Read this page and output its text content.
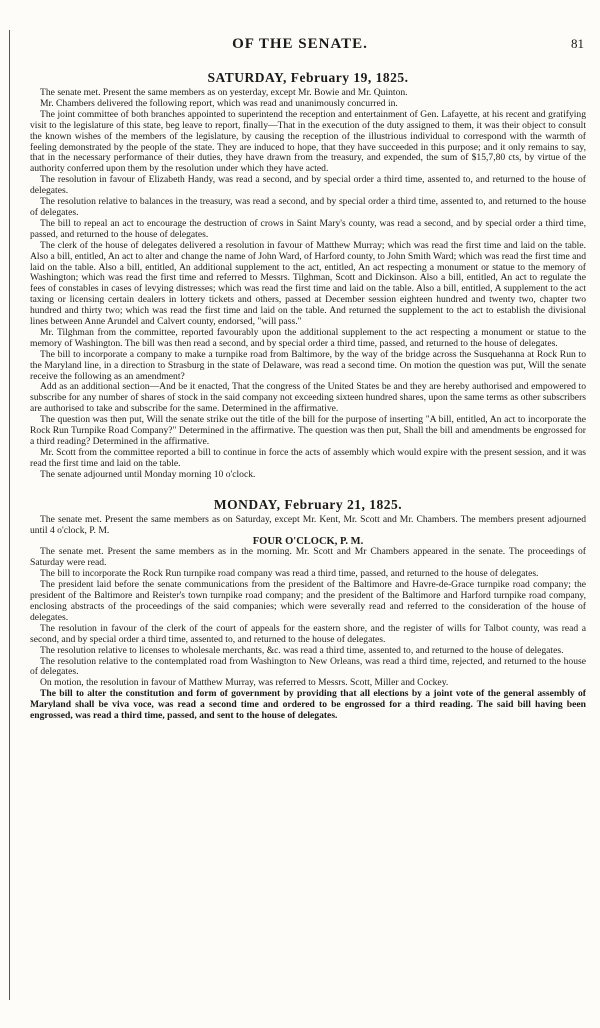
OF THE SENATE.	81
SATURDAY, February 19, 1825.

The senate met. Present the same members as on yesterday, except Mr. Bowie and Mr. Quinton.

Mr. Chambers delivered the following report, which was read and unanimously concurred in.

The joint committee of both branches appointed to superintend the reception and entertainment of Gen. Lafayette, at his recent and gratifying visit to the legislature of this state, beg leave to report, finally—That in the execution of the duty assigned to them, it was their object to consult the known wishes of the members of the legislature, by causing the reception of the illustrious individual to correspond with the warmth of feeling demonstrated by the people of the state. They are induced to hope, that they have succeeded in this purpose; and it only remains to say, that in the necessary performance of their duties, they have drawn from the treasury, and expended, the sum of $15,7,80 cts, by virtue of the authority conferred upon them by the resolution under which they have acted.

The resolution in favour of Elizabeth Handy, was read a second, and by special order a third time, assented to, and returned to the house of delegates.

The resolution relative to balances in the treasury, was read a second, and by special order a third time, assented to, and returned to the house of delegates.

The bill to repeal an act to encourage the destruction of crows in Saint Mary's county, was read a second, and by special order a third time, passed, and returned to the house of delegates.

The clerk of the house of delegates delivered a resolution in favour of Matthew Murray; which was read the first time and laid on the table. Also a bill, entitled, An act to alter and change the name of John Ward, of Harford county, to John Smith Ward; which was read the first time and laid on the table. Also a bill, entitled, An additional supplement to the act, entitled, An act respecting a monument or statue to the memory of Washington; which was read the first time and referred to Messrs. Tilghman, Scott and Dickinson. Also a bill, entitled, An act to regulate the fees of constables in cases of levying distresses; which was read the first time and laid on the table. Also a bill, entitled, A supplement to the act taxing or licensing certain dealers in lottery tickets and others, passed at December session eighteen hundred and twenty two, chapter two hundred and thirty two; which was read the first time and laid on the table. And returned the supplement to the act to establish the divisional lines between Anne Arundel and Calvert county, endorsed, "will pass."

Mr. Tilghman from the committee, reported favourably upon the additional supplement to the act respecting a monument or statue to the memory of Washington. The bill was then read a second, and by special order a third time, passed, and returned to the house of delegates.

The bill to incorporate a company to make a turnpike road from Baltimore, by the way of the bridge across the Susquehanna at Rock Run to the Maryland line, in a direction to Strasburg in the state of Delaware, was read a second time. On motion the question was put, Will the senate receive the following as an amendment?

Add as an additional section—And be it enacted, That the congress of the United States be and they are hereby authorised and empowered to subscribe for any number of shares of stock in the said company not exceeding sixteen hundred shares, upon the same terms as other subscribers are authorised to take and subscribe for the same. Determined in the affirmative.

The question was then put, Will the senate strike out the title of the bill for the purpose of inserting "A bill, entitled, An act to incorporate the Rock Run Turnpike Road Company?" Determined in the affirmative. The question was then put, Shall the bill and amendments be engrossed for a third reading? Determined in the affirmative.

Mr. Scott from the committee reported a bill to continue in force the acts of assembly which would expire with the present session, and it was read the first time and laid on the table.

The senate adjourned until Monday morning 10 o'clock.

MONDAY, February 21, 1825.

The senate met. Present the same members as on Saturday, except Mr. Kent, Mr. Scott and Mr. Chambers. The members present adjourned until 4 o'clock, P. M.

FOUR O'CLOCK, P. M.

The senate met. Present the same members as in the morning. Mr. Scott and Mr Chambers appeared in the senate. The proceedings of Saturday were read.

The bill to incorporate the Rock Run turnpike road company was read a third time, passed, and returned to the house of delegates.

The president laid before the senate communications from the president of the Baltimore and Havre-de-Grace turnpike road company; the president of the Baltimore and Reister's town turnpike road company; and the president of the Baltimore and Harford turnpike road company, enclosing abstracts of the proceedings of the said companies; which were severally read and referred to the consideration of the house of delegates.

The resolution in favour of the clerk of the court of appeals for the eastern shore, and the register of wills for Talbot county, was read a second, and by special order a third time, assented to, and returned to the house of delegates.

The resolution relative to licenses to wholesale merchants, &c. was read a third time, assented to, and returned to the house of delegates.

The resolution relative to the contemplated road from Washington to New Orleans, was read a third time, rejected, and returned to the house of delegates.

On motion, the resolution in favour of Matthew Murray, was referred to Messrs. Scott, Miller and Cockey.

The bill to alter the constitution and form of government by providing that all elections by a joint vote of the general assembly of Maryland shall be viva voce, was read a second time and ordered to be engrossed for a third reading. The said bill having been engrossed, was read a third time, passed, and sent to the house of delegates.
